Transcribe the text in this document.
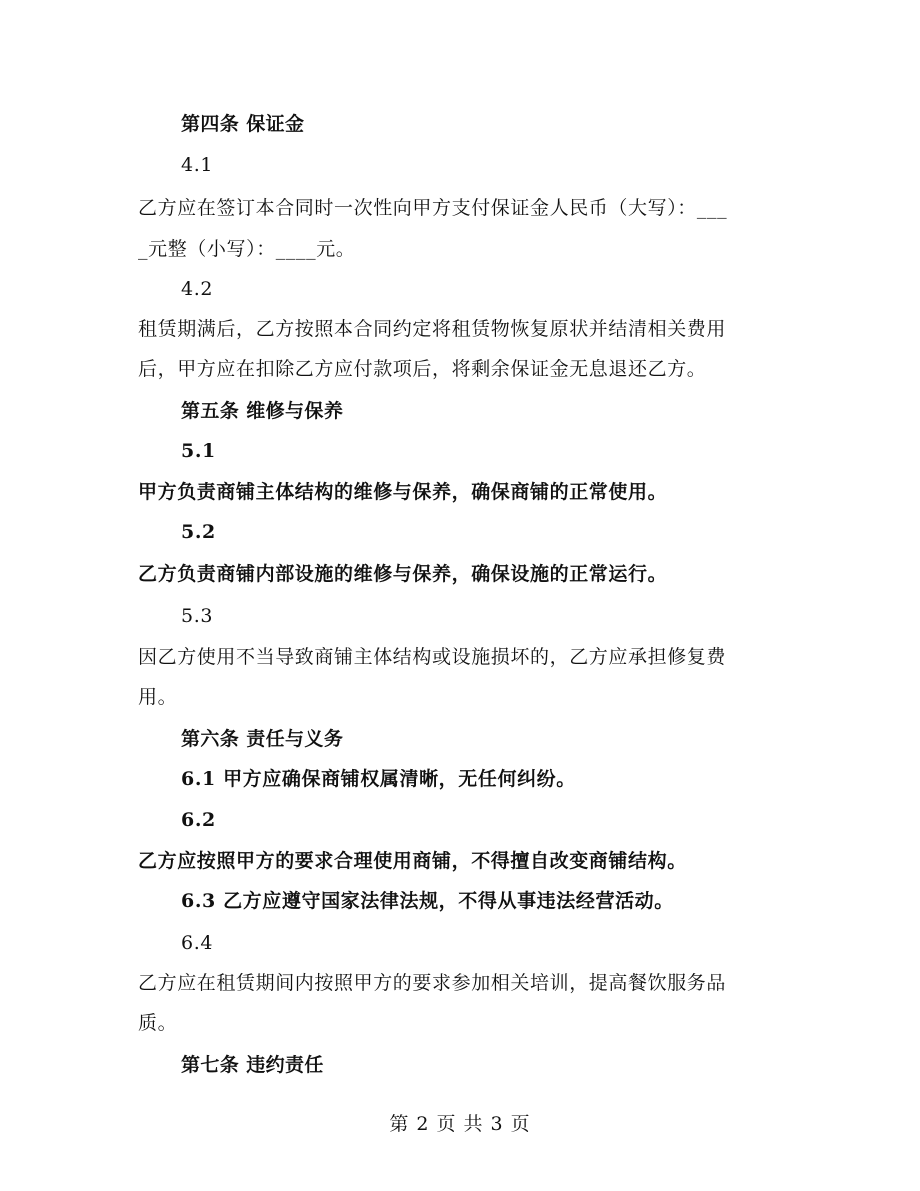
第四条 保证金
4.1
乙方应在签订本合同时一次性向甲方支付保证金人民币（大写）：___
_元整（小写）：____元。
4.2
租赁期满后，乙方按照本合同约定将租赁物恢复原状并结清相关费用
后，甲方应在扣除乙方应付款项后，将剩余保证金无息退还乙方。
第五条 维修与保养
5.1
甲方负责商铺主体结构的维修与保养，确保商铺的正常使用。
5.2
乙方负责商铺内部设施的维修与保养，确保设施的正常运行。
5.3
因乙方使用不当导致商铺主体结构或设施损坏的，乙方应承担修复费
用。
第六条 责任与义务
6.1 甲方应确保商铺权属清晰，无任何纠纷。
6.2
乙方应按照甲方的要求合理使用商铺，不得擅自改变商铺结构。
6.3 乙方应遵守国家法律法规，不得从事违法经营活动。
6.4
乙方应在租赁期间内按照甲方的要求参加相关培训，提高餐饮服务品
质。
第七条 违约责任
第 2 页 共 3 页
